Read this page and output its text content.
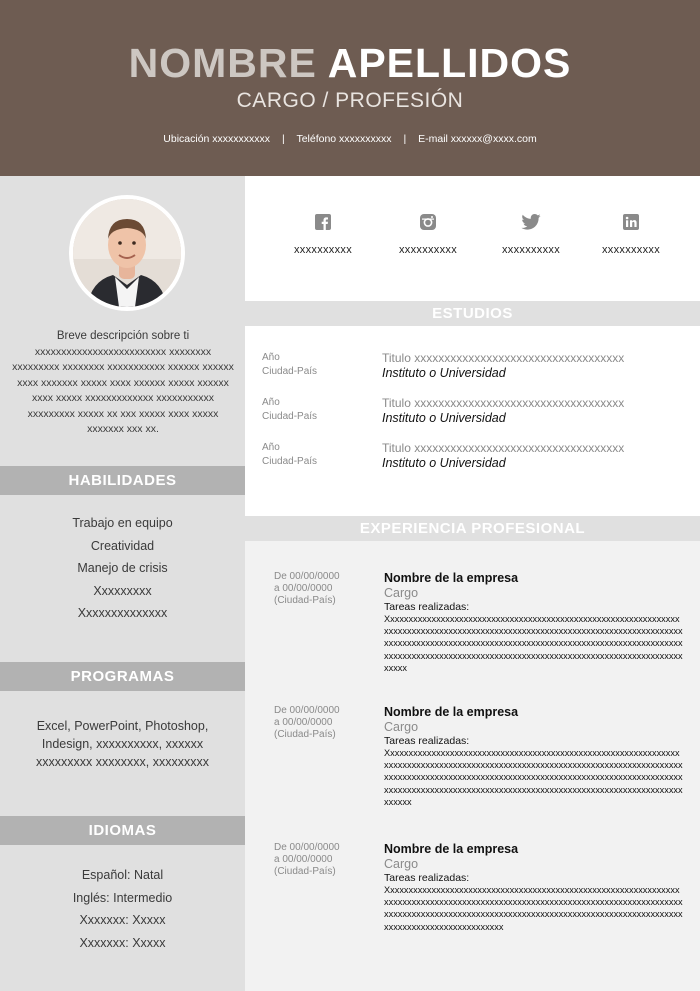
NOMBRE APELLIDOS
CARGO / PROFESIÓN
Ubicación xxxxxxxxxxx | Teléfono xxxxxxxxxx | E-mail xxxxxx@xxxx.com
Breve descripción sobre ti
xxxxxxxxxxxxxxxxxxxxxxxxx xxxxxxxx xxxxxxxxx xxxxxxxx xxxxxxxxxxx xxxxxx xxxxxx xxxx xxxxxxx xxxxx xxxx xxxxxx xxxxx xxxxxx xxxx xxxxx xxxxxxxxxxxxx xxxxxxxxxxx xxxxxxxxx xxxxx xx xxx xxxxx xxxx xxxxx xxxxxxx xxx xx.
HABILIDADES
Trabajo en equipo
Creatividad
Manejo de crisis
Xxxxxxxxx
Xxxxxxxxxxxxxx
PROGRAMAS
Excel, PowerPoint, Photoshop, Indesign, xxxxxxxxxx, xxxxxx xxxxxxxxx xxxxxxxx, xxxxxxxxx
IDIOMAS
Español: Natal
Inglés: Intermedio
Xxxxxxx: Xxxxx
Xxxxxxx: Xxxxx
xxxxxxxxxx	xxxxxxxxxx	xxxxxxxxxx	xxxxxxxxxx
ESTUDIOS
Año
Ciudad-País
Titulo xxxxxxxxxxxxxxxxxxxxxxxxxxxxxxxxxxx
Instituto o Universidad
Año
Ciudad-País
Titulo xxxxxxxxxxxxxxxxxxxxxxxxxxxxxxxxxxx
Instituto o Universidad
Año
Ciudad-País
Titulo xxxxxxxxxxxxxxxxxxxxxxxxxxxxxxxxxxx
Instituto o Universidad
EXPERIENCIA PROFESIONAL
De 00/00/0000
a 00/00/0000
(Ciudad-País)
Nombre de la empresa
Cargo
Tareas realizadas:
Xxxxxxxxxxxxxxxxxxxxxxxxxxxxxxxxxxxxxxxxxxxxxxxxxxxxxxxxxxxxxxxxxxxxxxxxxxxxxxxxxxxxxxxxxxxxxxxxxxxxxxxxxxxxxxxxxxxxxxxxxxxxxxxxxxxxxxxxxxxxxxxxxxxxxxxxxxxxxxxxxxxxxxxxxxxxxxxxxxxxxxxxxxxxxxxxxxxxxxxxxxxxxxxxxxxxxxxxxxxxxxxxxxxxxxxxxxxxxxxxxxxxxxxxxxxxxxxxxxxxxxxx
De 00/00/0000
a 00/00/0000
(Ciudad-País)
Nombre de la empresa
Cargo
Tareas realizadas:
Xxxxxxxxxxxxxxxxxxxxxxxxxxxxxxxxxxxxxxxxxxxxxxxxxxxxxxxxxxxxxxxxxxxxxxxxxxxxxxxxxxxxxxxxxxxxxxxxxxxxxxxxxxxxxxxxxxxxxxxxxxxxxxxxxxxxxxxxxxxxxxxxxxxxxxxxxxxxxxxxxxxxxxxxxxxxxxxxxxxxxxxxxxxxxxxxxxxxxxxxxxxxxxxxxxxxxxxxxxxxxxxxxxxxxxxxxxxxxxxxxxxxxxxxxxxxxxxxxxxxxxxxx
De 00/00/0000
a 00/00/0000
(Ciudad-País)
Nombre de la empresa
Cargo
Tareas realizadas:
Xxxxxxxxxxxxxxxxxxxxxxxxxxxxxxxxxxxxxxxxxxxxxxxxxxxxxxxxxxxxxxxxxxxxxxxxxxxxxxxxxxxxxxxxxxxxxxxxxxxxxxxxxxxxxxxxxxxxxxxxxxxxxxxxxxxxxxxxxxxxxxxxxxxxxxxxxxxxxxxxxxxxxxxxxxxxxxxxxxxxxxxxxxxxxxxxxxxxxxxxxxxxxxxxxxxxxxxxxxxx
